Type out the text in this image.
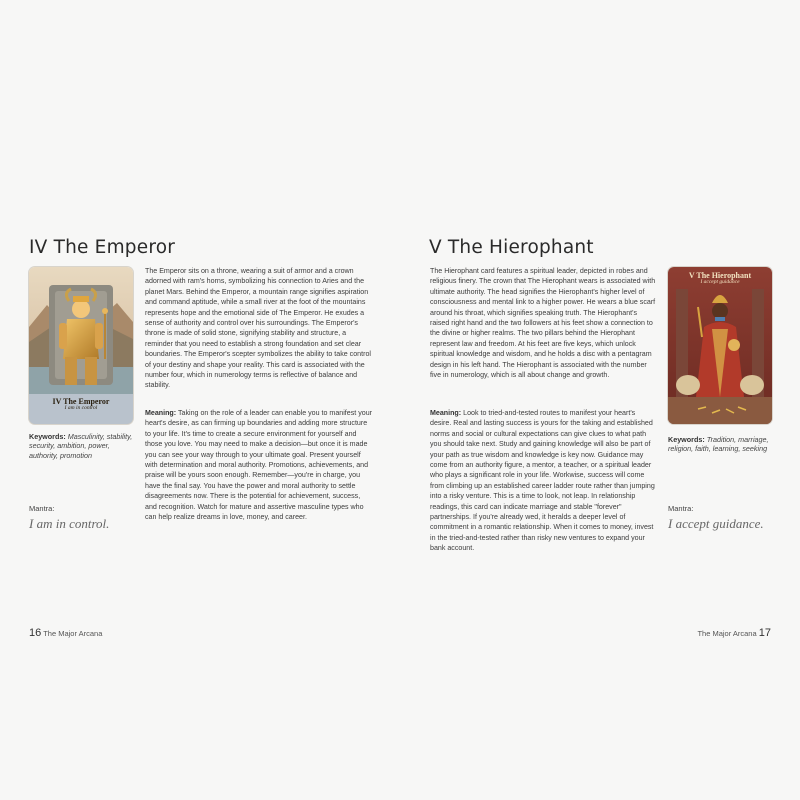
IV The Emperor
IV The Emperor
I am in control
Keywords: Masculinity, stability, security, ambition, power, authority, promotion
Mantra:
I am in control.

The Emperor sits on a throne, wearing a suit of armor and a crown adorned with ram's horns, symbolizing his connection to Aries and the planet Mars. Behind the Emperor, a mountain range signifies aspiration and command aptitude, while a small river at the foot of the mountains represents hope and the emotional side of The Emperor. He exudes a sense of authority and control over his surroundings. The Emperor's throne is made of solid stone, signifying stability and structure, a reminder that you need to establish a strong foundation and set clear boundaries. The Emperor's scepter symbolizes the ability to take control of your destiny and shape your reality. This card is associated with the number four, which in numerology terms is reflective of balance and stability.

Meaning: Taking on the role of a leader can enable you to manifest your heart's desire, as can firming up boundaries and adding more structure to your life. It's time to create a secure environment for yourself and those you love. You may need to make a decision—but once it is made you can see your way through to your ultimate goal. Present yourself with determination and moral authority. Promotions, achievements, and praise will be yours soon enough. Remember—you're in charge, you have the final say. You have the power and moral authority to settle disagreements now. There is the potential for achievement, success, and recognition. Watch for mature and assertive masculine types who can help realize dreams in love, money, and career.

16 The Major Arcana
V The Hierophant

The Hierophant card features a spiritual leader, depicted in robes and religious finery. The crown that The Hierophant wears is associated with ultimate authority. The head signifies the Hierophant's higher level of consciousness and mental link to a higher power. He wears a blue scarf around his throat, which signifies speaking truth. The Hierophant's raised right hand and the two followers at his feet show a connection to the divine or higher realms. The two pillars behind the Hierophant represent law and freedom. At his feet are five keys, which unlock spiritual knowledge and wisdom, and he holds a disc with a pentagram design in his left hand. The Hierophant is associated with the number five in numerology, which is all about change and growth.

Meaning: Look to tried-and-tested routes to manifest your heart's desire. Real and lasting success is yours for the taking and established norms and social or cultural expectations can give clues to what path you should take next. Study and gaining knowledge will also be part of your path as true wisdom and knowledge is key now. Guidance may come from an authority figure, a mentor, a teacher, or a spiritual leader who plays a significant role in your life. Workwise, success will come from climbing up an established career ladder route rather than jumping into a risky venture. This is a time to look, not leap. In relationship readings, this card can indicate marriage and stable "forever" partnerships. If you're already wed, it heralds a deeper level of commitment in a romantic relationship. When it comes to money, invest in the tried-and-tested rather than risky new ventures to expand your bank account.

V The Hierophant
I accept guidance
Keywords: Tradition, marriage, religion, faith, learning, seeking
Mantra:
I accept guidance.
The Major Arcana 17
